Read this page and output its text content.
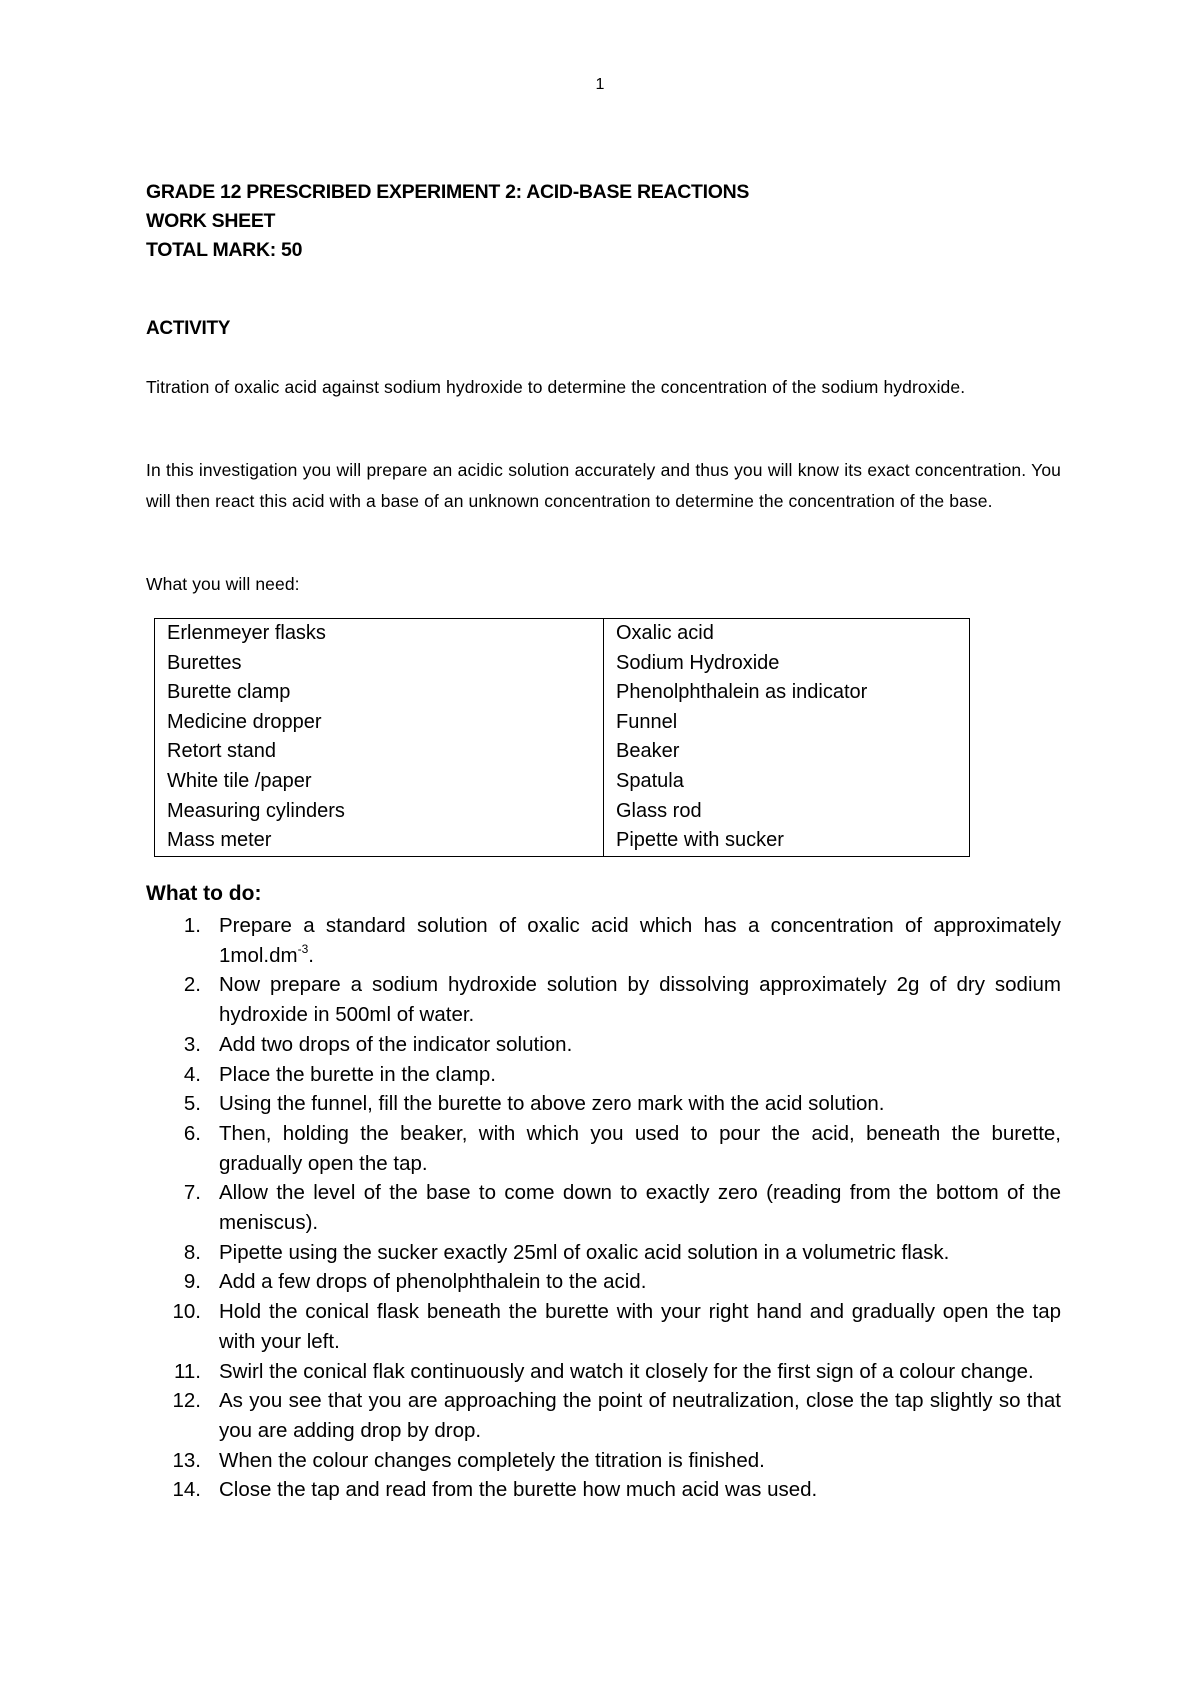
1
GRADE 12 PRESCRIBED EXPERIMENT 2: ACID-BASE REACTIONS
WORK SHEET
TOTAL MARK: 50
ACTIVITY
Titration of oxalic acid against sodium hydroxide to determine the concentration of the sodium hydroxide.
In this investigation you will prepare an acidic solution accurately and thus you will know its exact concentration. You will then react this acid with a base of an unknown concentration to determine the concentration of the base.
What you will need:
Erlenmeyer flasks	Oxalic acid
Burettes	Sodium Hydroxide
Burette clamp	Phenolphthalein as indicator
Medicine dropper	Funnel
Retort stand	Beaker
White tile /paper	Spatula
Measuring cylinders	Glass rod
Mass meter	Pipette with sucker
What to do:
1. Prepare a standard solution of oxalic acid which has a concentration of approximately $1mol.dm^{-3}$.
2. Now prepare a sodium hydroxide solution by dissolving approximately 2g of dry sodium hydroxide in 500ml of water.
3. Add two drops of the indicator solution.
4. Place the burette in the clamp.
5. Using the funnel, fill the burette to above zero mark with the acid solution.
6. Then, holding the beaker, with which you used to pour the acid, beneath the burette, gradually open the tap.
7. Allow the level of the base to come down to exactly zero (reading from the bottom of the meniscus).
8. Pipette using the sucker exactly 25ml of oxalic acid solution in a volumetric flask.
9. Add a few drops of phenolphthalein to the acid.
10. Hold the conical flask beneath the burette with your right hand and gradually open the tap with your left.
11. Swirl the conical flak continuously and watch it closely for the first sign of a colour change.
12. As you see that you are approaching the point of neutralization, close the tap slightly so that you are adding drop by drop.
13. When the colour changes completely the titration is finished.
14. Close the tap and read from the burette how much acid was used.
